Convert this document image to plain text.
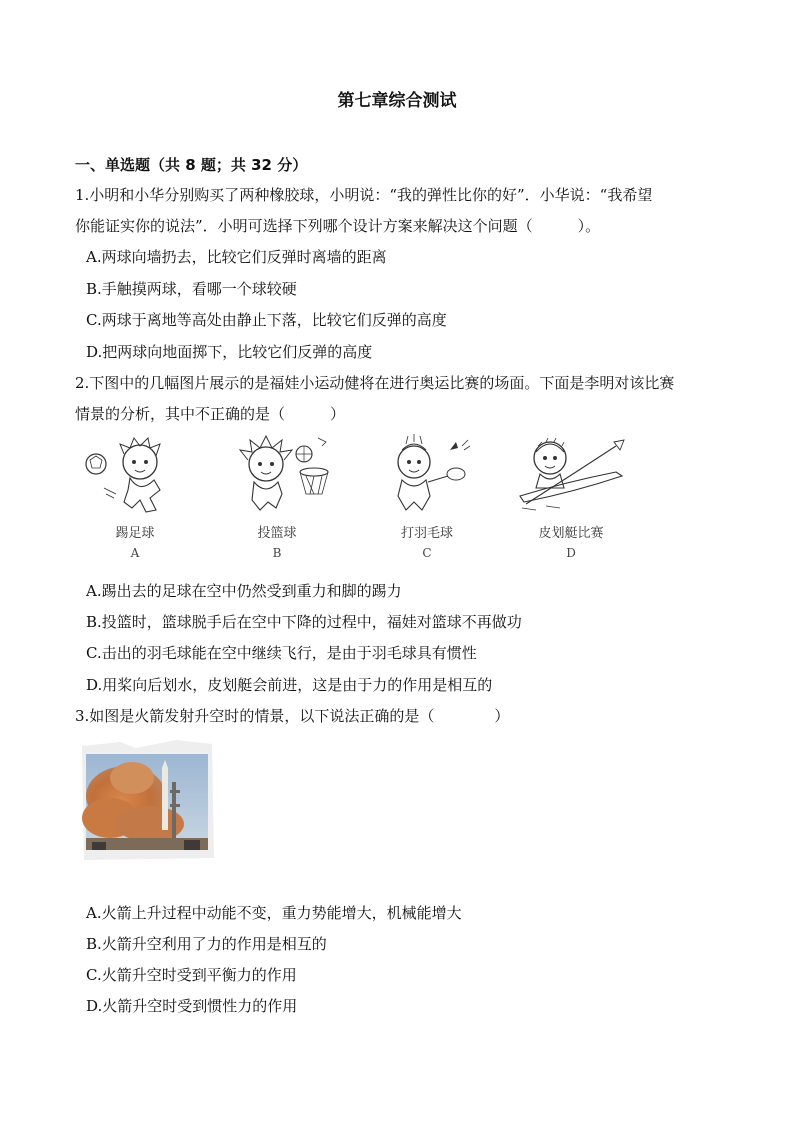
第七章综合测试
一、单选题（共 8 题；共 32 分）
1.小明和小华分别购买了两种橡胶球，小明说：“我的弹性比你的好”．小华说：“我希望
你能证实你的说法”．小明可选择下列哪个设计方案来解决这个问题（　　　）。
A.两球向墙扔去，比较它们反弹时离墙的距离
B.手触摸两球，看哪一个球较硬
C.两球于离地等高处由静止下落，比较它们反弹的高度
D.把两球向地面掷下，比较它们反弹的高度
2.下图中的几幅图片展示的是福娃小运动健将在进行奥运比赛的场面。下面是李明对该比赛
情景的分析，其中不正确的是（　　　）
踢足球
A
投篮球
B
打羽毛球
C
皮划艇比赛
D
A.踢出去的足球在空中仍然受到重力和脚的踢力
B.投篮时，篮球脱手后在空中下降的过程中，福娃对篮球不再做功
C.击出的羽毛球能在空中继续飞行，是由于羽毛球具有惯性
D.用桨向后划水，皮划艇会前进，这是由于力的作用是相互的
3.如图是火箭发射升空时的情景，以下说法正确的是（　　　　）
A.火箭上升过程中动能不变，重力势能增大，机械能增大
B.火箭升空利用了力的作用是相互的
C.火箭升空时受到平衡力的作用
D.火箭升空时受到惯性力的作用
